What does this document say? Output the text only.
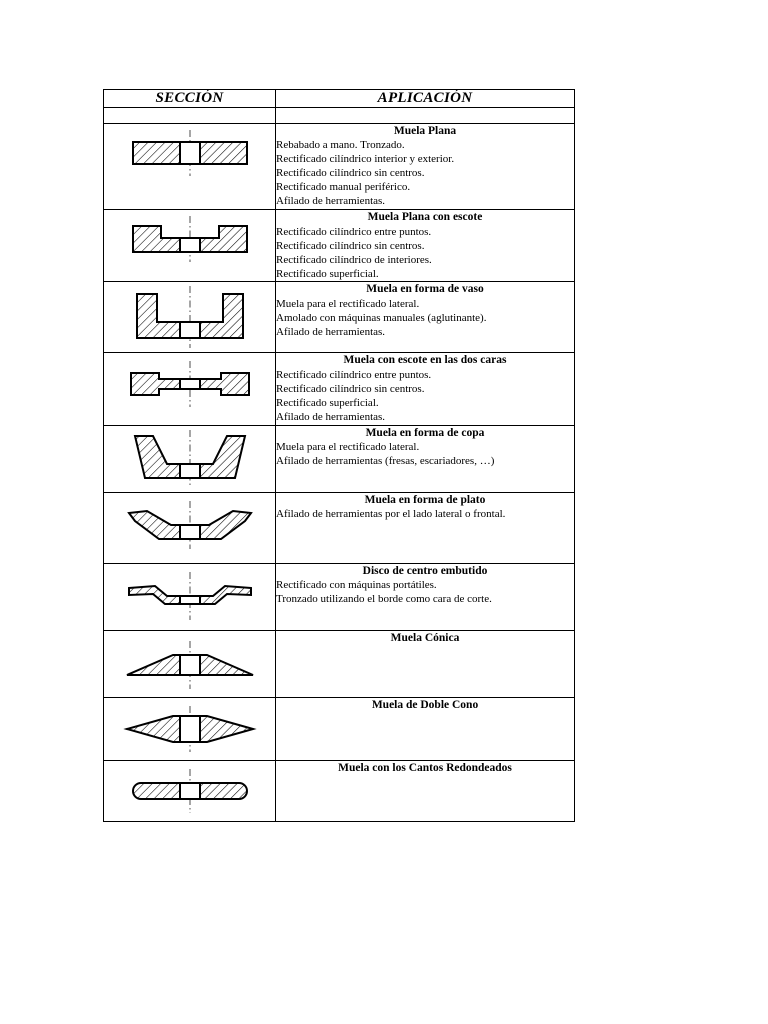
SECCIÓN	APLICACIÓN

Muela Plana
Rebabado a mano. Tronzado.
Rectificado cilíndrico interior y exterior.
Rectificado cilíndrico sin centros.
Rectificado manual periférico.
Afilado de herramientas.

Muela Plana con escote
Rectificado cilíndrico entre puntos.
Rectificado cilíndrico sin centros.
Rectificado cilíndrico de interiores.
Rectificado superficial.

Muela en forma de vaso
Muela para el rectificado lateral.
Amolado con máquinas manuales (aglutinante).
Afilado de herramientas.

Muela con escote en las dos caras
Rectificado cilíndrico entre puntos.
Rectificado cilíndrico sin centros.
Rectificado superficial.
Afilado de herramientas.

Muela en forma de copa
Muela para el rectificado lateral.
Afilado de herramientas (fresas, escariadores, …)

Muela en forma de plato
Afilado de herramientas por el lado lateral o frontal.

Disco de centro embutido
Rectificado con máquinas portátiles.
Tronzado utilizando el borde como cara de corte.

Muela Cónica

Muela de Doble Cono

Muela con los Cantos Redondeados
